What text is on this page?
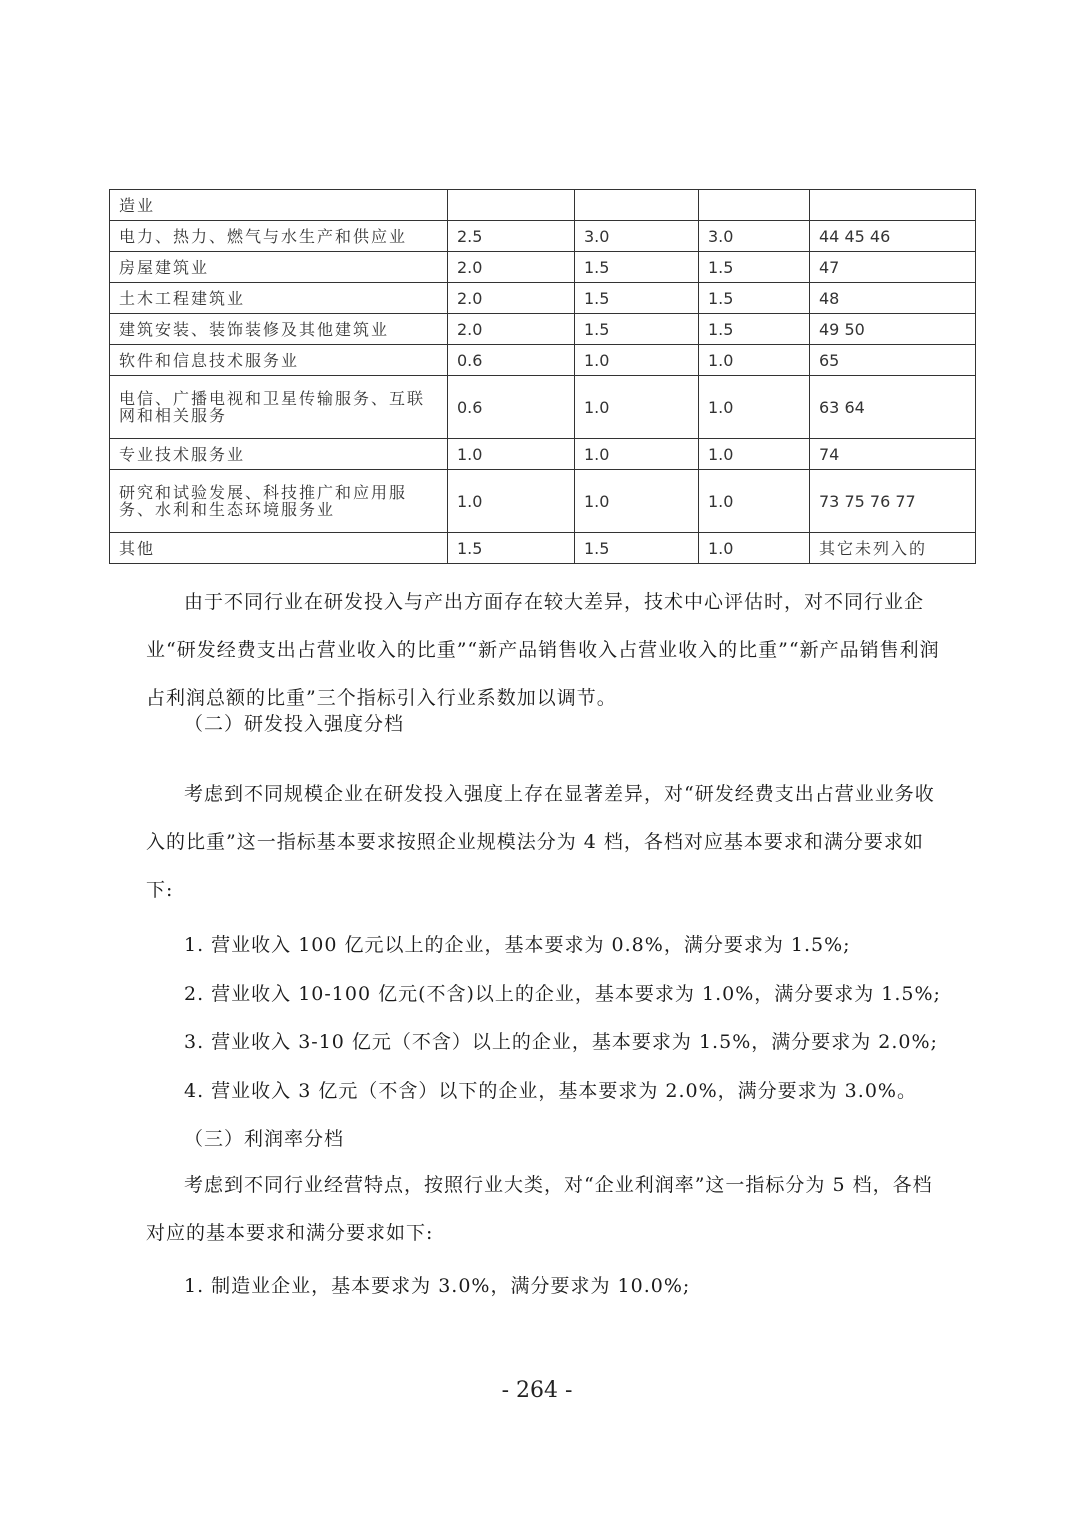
造业				
电力、热力、燃气与水生产和供应业	2.5	3.0	3.0	44 45 46
房屋建筑业	2.0	1.5	1.5	47
土木工程建筑业	2.0	1.5	1.5	48
建筑安装、装饰装修及其他建筑业	2.0	1.5	1.5	49 50
软件和信息技术服务业	0.6	1.0	1.0	65
电信、广播电视和卫星传输服务、互联网和相关服务	0.6	1.0	1.0	63 64
专业技术服务业	1.0	1.0	1.0	74
研究和试验发展、科技推广和应用服务、水利和生态环境服务业	1.0	1.0	1.0	73 75 76 77
其他	1.5	1.5	1.0	其它未列入的

由于不同行业在研发投入与产出方面存在较大差异，技术中心评估时，对不同行业企业“研发经费支出占营业收入的比重”“新产品销售收入占营业收入的比重”“新产品销售利润占利润总额的比重”三个指标引入行业系数加以调节。

（二）研发投入强度分档

考虑到不同规模企业在研发投入强度上存在显著差异，对“研发经费支出占营业业务收入的比重”这一指标基本要求按照企业规模法分为 4 档，各档对应基本要求和满分要求如下:

1. 营业收入 100 亿元以上的企业，基本要求为 0.8%，满分要求为 1.5%;
2. 营业收入 10-100 亿元(不含)以上的企业，基本要求为 1.0%，满分要求为 1.5%;
3. 营业收入 3-10 亿元（不含）以上的企业，基本要求为 1.5%，满分要求为 2.0%;
4. 营业收入 3 亿元（不含）以下的企业，基本要求为 2.0%，满分要求为 3.0%。
（三）利润率分档

考虑到不同行业经营特点，按照行业大类，对“企业利润率”这一指标分为 5 档，各档对应的基本要求和满分要求如下:

1. 制造业企业，基本要求为 3.0%，满分要求为 10.0%;
- 264 -
